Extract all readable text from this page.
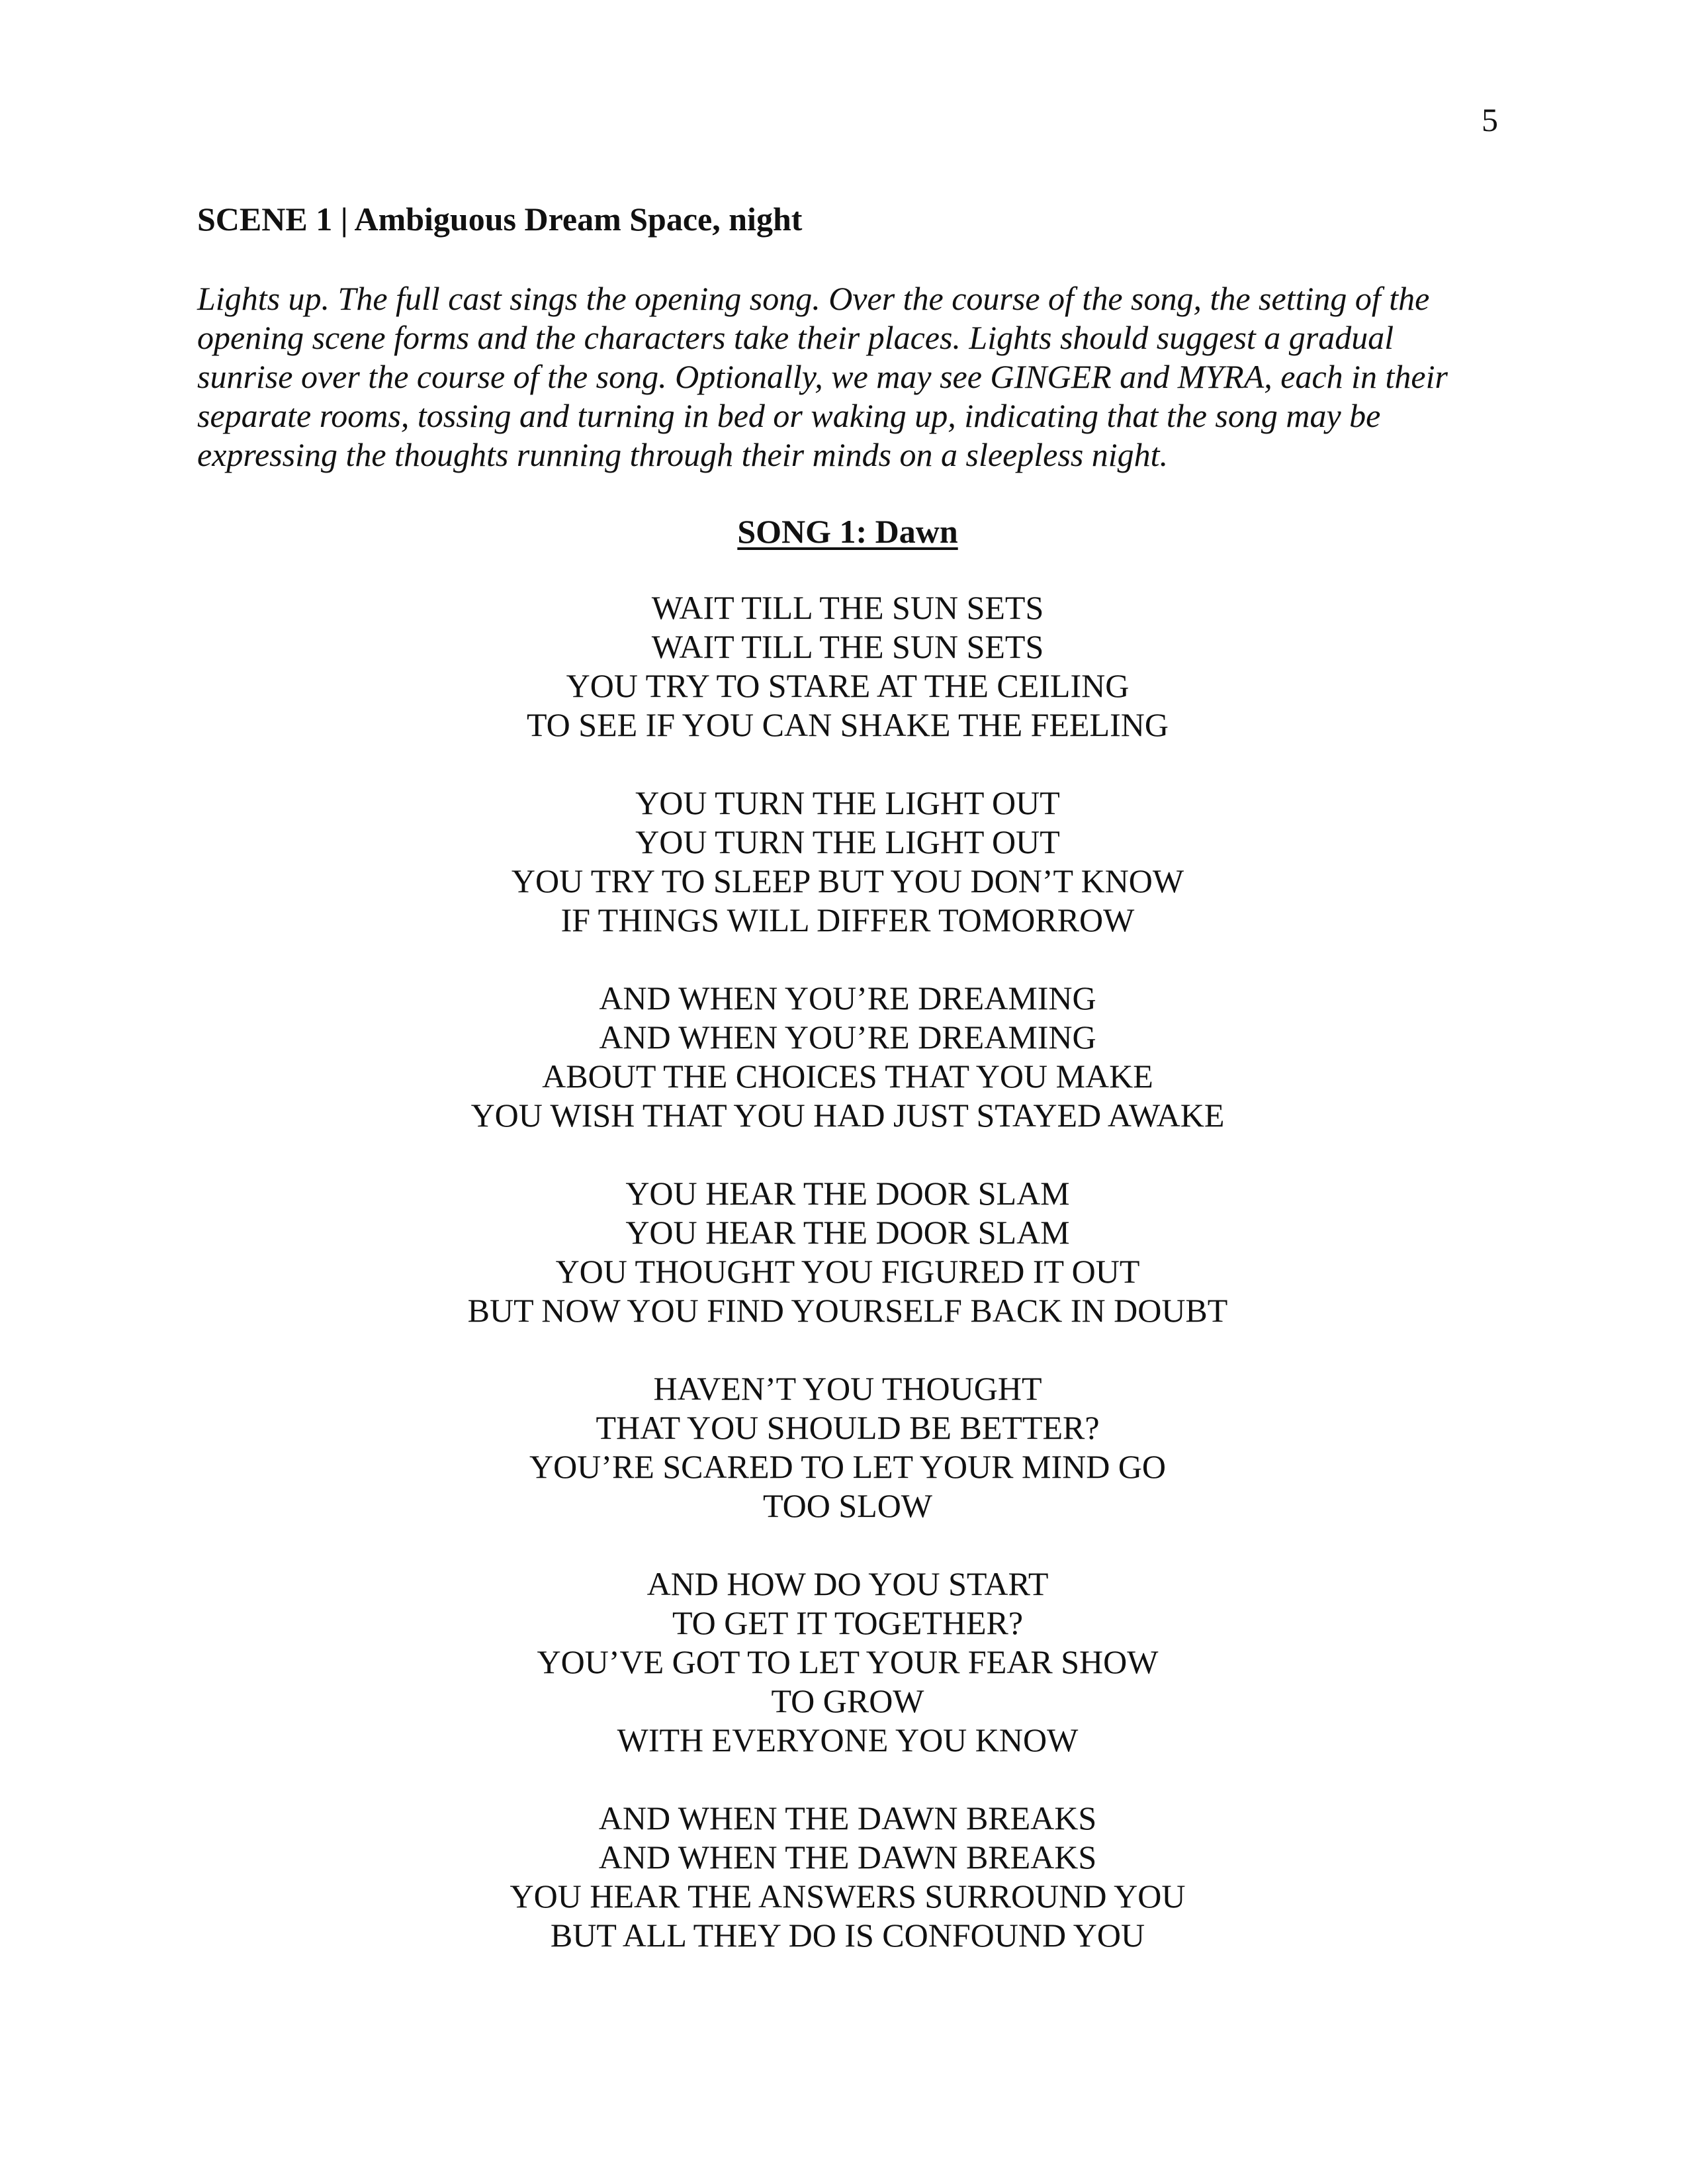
5
SCENE 1 | Ambiguous Dream Space, night

Lights up. The full cast sings the opening song. Over the course of the song, the setting of the
opening scene forms and the characters take their places. Lights should suggest a gradual
sunrise over the course of the song. Optionally, we may see GINGER and MYRA, each in their
separate rooms, tossing and turning in bed or waking up, indicating that the song may be
expressing the thoughts running through their minds on a sleepless night.

SONG 1: Dawn
WAIT TILL THE SUN SETS
WAIT TILL THE SUN SETS
YOU TRY TO STARE AT THE CEILING
TO SEE IF YOU CAN SHAKE THE FEELING
YOU TURN THE LIGHT OUT
YOU TURN THE LIGHT OUT
YOU TRY TO SLEEP BUT YOU DON’T KNOW
IF THINGS WILL DIFFER TOMORROW
AND WHEN YOU’RE DREAMING
AND WHEN YOU’RE DREAMING
ABOUT THE CHOICES THAT YOU MAKE
YOU WISH THAT YOU HAD JUST STAYED AWAKE
YOU HEAR THE DOOR SLAM
YOU HEAR THE DOOR SLAM
YOU THOUGHT YOU FIGURED IT OUT
BUT NOW YOU FIND YOURSELF BACK IN DOUBT
HAVEN’T YOU THOUGHT
THAT YOU SHOULD BE BETTER?
YOU’RE SCARED TO LET YOUR MIND GO
TOO SLOW
AND HOW DO YOU START
TO GET IT TOGETHER?
YOU’VE GOT TO LET YOUR FEAR SHOW
TO GROW
WITH EVERYONE YOU KNOW
AND WHEN THE DAWN BREAKS
AND WHEN THE DAWN BREAKS
YOU HEAR THE ANSWERS SURROUND YOU
BUT ALL THEY DO IS CONFOUND YOU
